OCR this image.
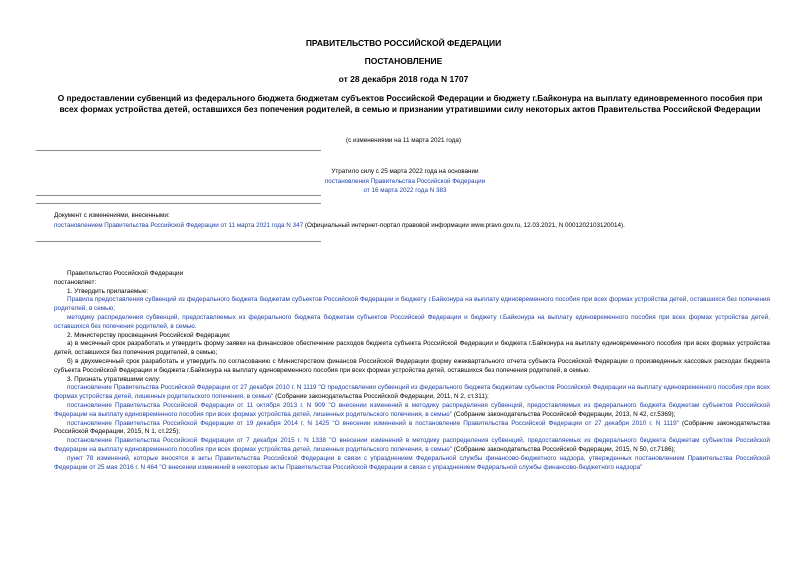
ПРАВИТЕЛЬСТВО РОССИЙСКОЙ ФЕДЕРАЦИИ
ПОСТАНОВЛЕНИЕ
от 28 декабря 2018 года N 1707
О предоставлении субвенций из федерального бюджета бюджетам субъектов Российской Федерации и бюджету г.Байконура на выплату единовременного пособия при всех формах устройства детей, оставшихся без попечения родителей, в семью и признании утратившими силу некоторых актов Правительства Российской Федерации
(с изменениями на 11 марта 2021 года)
Утратило силу с 25 марта 2022 года на основании
постановления Правительства Российской Федерации
от 16 марта 2022 года N 383
Документ с изменениями, внесенными:
постановлением Правительства Российской Федерации от 11 марта 2021 года N 347 (Официальный интернет-портал правовой информации www.pravo.gov.ru, 12.03.2021, N 0001202103120014).

Правительство Российской Федерации

постановляет:

1. Утвердить прилагаемые:

Правила предоставления субвенций из федерального бюджета бюджетам субъектов Российской Федерации и бюджету г.Байконура на выплату единовременного пособия при всех формах устройства детей, оставшихся без попечения родителей, в семью;

методику распределения субвенций, предоставляемых из федерального бюджета бюджетам субъектов Российской Федерации и бюджету г.Байконура на выплату единовременного пособия при всех формах устройства детей, оставшихся без попечения родителей, в семью.

2. Министерству просвещения Российской Федерации:

а) в месячный срок разработать и утвердить форму заявки на финансовое обеспечение расходов бюджета субъекта Российской Федерации и бюджета г.Байконура на выплату единовременного пособия при всех формах устройства детей, оставшихся без попечения родителей, в семью;

б) в двухмесячный срок разработать и утвердить по согласованию с Министерством финансов Российской Федерации форму ежеквартального отчета субъекта Российской Федерации о произведенных кассовых расходах бюджета субъекта Российской Федерации и бюджета г.Байконура на выплату единовременного пособия при всех формах устройства детей, оставшихся без попечения родителей, в семью.

3. Признать утратившими силу:

постановление Правительства Российской Федерации от 27 декабря 2010 г. N 1119 "О предоставлении субвенций из федерального бюджета бюджетам субъектов Российской Федерации на выплату единовременного пособия при всех формах устройства детей, лишенных родительского попечения, в семью" (Собрание законодательства Российской Федерации, 2011, N 2, ст.311);

постановление Правительства Российской Федерации от 11 октября 2013 г. N 909 "О внесении изменений в методику распределения субвенций, предоставляемых из федерального бюджета бюджетам субъектов Российской Федерации на выплату единовременного пособия при всех формах устройства детей, лишенных родительского попечения, в семью" (Собрание законодательства Российской Федерации, 2013, N 42, ст.5369);

постановление Правительства Российской Федерации от 19 декабря 2014 г. N 1425 "О внесении изменений в постановление Правительства Российской Федерации от 27 декабря 2010 г. N 1119" (Собрание законодательства Российской Федерации, 2015, N 1, ст.225);

постановление Правительства Российской Федерации от 7 декабря 2015 г. N 1338 "О внесении изменений в методику распределения субвенций, предоставляемых из федерального бюджета бюджетам субъектов Российской Федерации на выплату единовременного пособия при всех формах устройства детей, лишенных родительского попечения, в семью" (Собрание законодательства Российской Федерации, 2015, N 50, ст.7186);

пункт 78 изменений, которые вносятся в акты Правительства Российской Федерации в связи с упразднением Федеральной службы финансово-бюджетного надзора, утвержденных постановлением Правительства Российской Федерации от 25 мая 2016 г. N 464 "О внесении изменений в некоторые акты Правительства Российской Федерации в связи с упразднением Федеральной службы финансово-бюджетного надзора"
